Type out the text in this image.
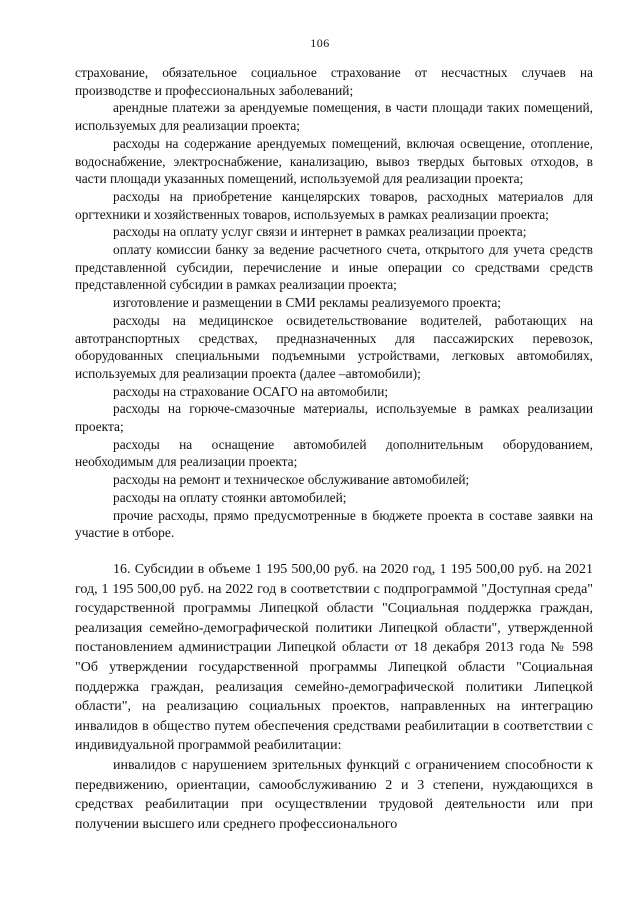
106

страхование, обязательное социальное страхование от несчастных случаев на производстве и профессиональных заболеваний;

арендные платежи за арендуемые помещения, в части площади таких помещений, используемых для реализации проекта;

расходы на содержание арендуемых помещений, включая освещение, отопление, водоснабжение, электроснабжение, канализацию, вывоз твердых бытовых отходов, в части площади указанных помещений, используемой для реализации проекта;

расходы на приобретение канцелярских товаров, расходных материалов для оргтехники и хозяйственных товаров, используемых в рамках реализации проекта;

расходы на оплату услуг связи и интернет в рамках реализации проекта;

оплату комиссии банку за ведение расчетного счета, открытого для учета средств представленной субсидии, перечисление и иные операции со средствами средств представленной субсидии в рамках реализации проекта;

изготовление и размещении в СМИ рекламы реализуемого проекта;

расходы на медицинское освидетельствование водителей, работающих на автотранспортных средствах, предназначенных для пассажирских перевозок, оборудованных специальными подъемными устройствами, легковых автомобилях, используемых для реализации проекта (далее –автомобили);

расходы на страхование ОСАГО на автомобили;

расходы на горюче-смазочные материалы, используемые в рамках реализации проекта;

расходы на оснащение автомобилей дополнительным оборудованием, необходимым для реализации проекта;

расходы на ремонт и техническое обслуживание автомобилей;

расходы на оплату стоянки автомобилей;

прочие расходы, прямо предусмотренные в бюджете проекта в составе заявки на участие в отборе.

16. Субсидии в объеме 1 195 500,00 руб. на 2020 год, 1 195 500,00 руб. на 2021 год, 1 195 500,00 руб. на 2022 год в соответствии с подпрограммой "Доступная среда" государственной программы Липецкой области "Социальная поддержка граждан, реализация семейно-демографической политики Липецкой области", утвержденной постановлением администрации Липецкой области от 18 декабря 2013 года № 598 "Об утверждении государственной программы Липецкой области "Социальная поддержка граждан, реализация семейно-демографической политики Липецкой области", на реализацию социальных проектов, направленных на интеграцию инвалидов в общество путем обеспечения средствами реабилитации в соответствии с индивидуальной программой реабилитации:

инвалидов с нарушением зрительных функций с ограничением способности к передвижению, ориентации, самообслуживанию 2 и 3 степени, нуждающихся в средствах реабилитации при осуществлении трудовой деятельности или при получении высшего или среднего профессионального
